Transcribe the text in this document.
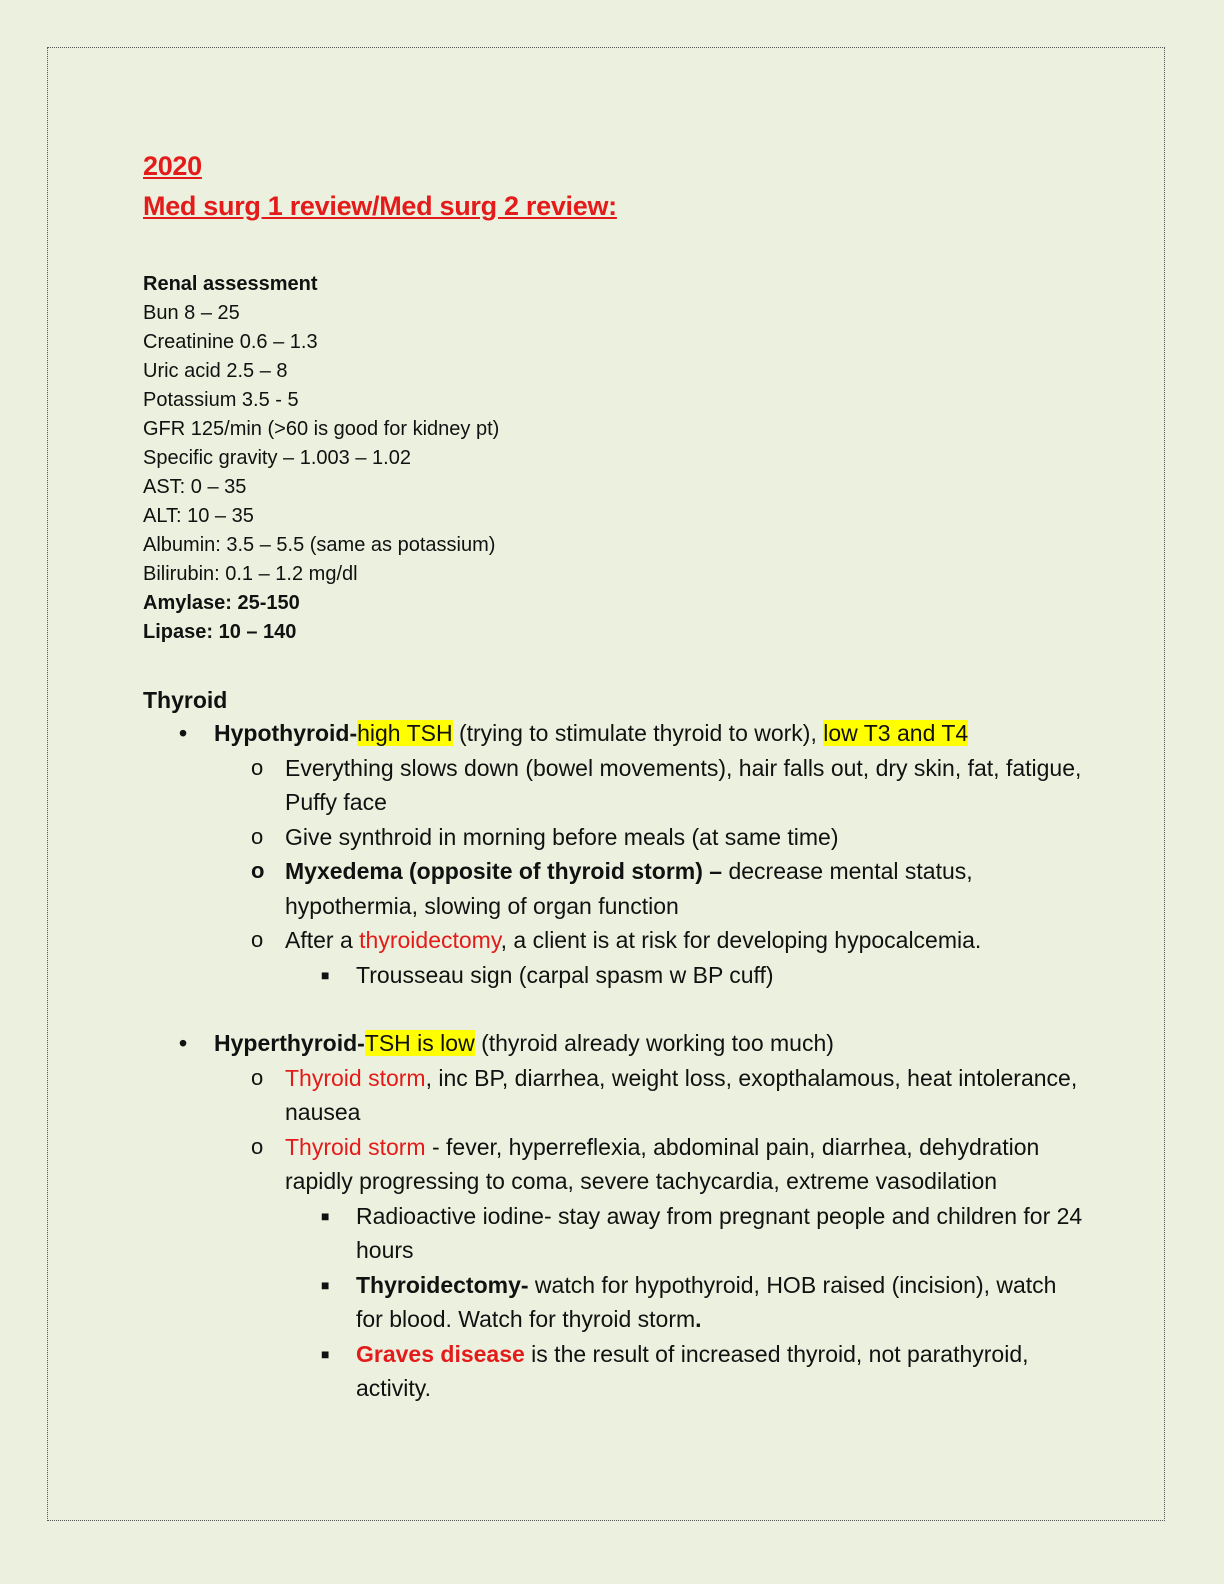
2020
Med surg 1 review/Med surg 2 review:
Renal assessment
Bun 8 – 25
Creatinine 0.6 – 1.3
Uric acid 2.5 – 8
Potassium 3.5 - 5
GFR 125/min (>60 is good for kidney pt)
Specific gravity – 1.003 – 1.02
AST: 0 – 35
ALT: 10 – 35
Albumin: 3.5 – 5.5 (same as potassium)
Bilirubin: 0.1 – 1.2 mg/dl
Amylase: 25-150
Lipase: 10 – 140
Thyroid
• Hypothyroid-high TSH (trying to stimulate thyroid to work), low T3 and T4
o Everything slows down (bowel movements), hair falls out, dry skin, fat, fatigue, Puffy face
o Give synthroid in morning before meals (at same time)
o Myxedema (opposite of thyroid storm) – decrease mental status, hypothermia, slowing of organ function
o After a thyroidectomy, a client is at risk for developing hypocalcemia.
■ Trousseau sign (carpal spasm w BP cuff)
• Hyperthyroid-TSH is low (thyroid already working too much)
o Thyroid storm, inc BP, diarrhea, weight loss, exopthalamous, heat intolerance, nausea
o Thyroid storm - fever, hyperreflexia, abdominal pain, diarrhea, dehydration rapidly progressing to coma, severe tachycardia, extreme vasodilation
■ Radioactive iodine- stay away from pregnant people and children for 24 hours
■ Thyroidectomy- watch for hypothyroid, HOB raised (incision), watch for blood. Watch for thyroid storm.
■ Graves disease is the result of increased thyroid, not parathyroid, activity.
